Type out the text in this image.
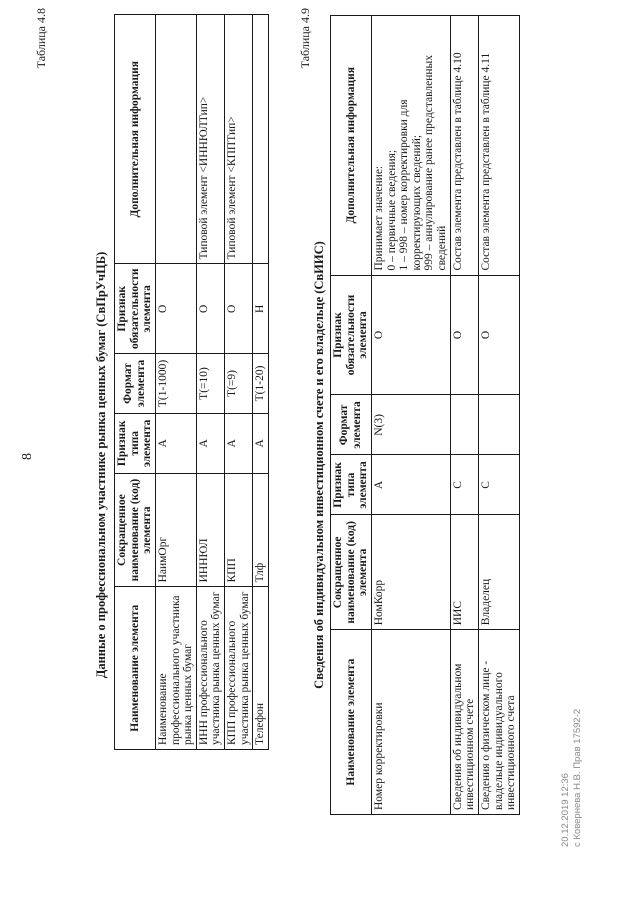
8
Таблица 4.8
Данные о профессиональном участнике рынка ценных бумаг (СвПрУчЦБ) Наименование элемента	Сокращенное наименование (код) элемента	Признак типа элемента	Формат элемента	Признак обязательности элемента	Дополнительная информация
Наименование профессионального участника рынка ценных бумаг	НаимОрг	А	T(1-1000)	О	
ИНН профессионального участника рынка ценных бумаг	ИННЮЛ	А	T(=10)	О	Типовой элемент <ИННЮЛТип>
КПП профессионального участника рынка ценных бумаг	КПП	А	T(=9)	О	Типовой элемент <КППТип>
Телефон	Тлф	А	T(1-20)	Н	
Таблица 4.9
Сведения об индивидуальном инвестиционном счете и его владельце (СвИИС)
Наименование элемента	Сокращенное наименование (код) элемента	Признак типа элемента	Формат элемента	Признак обязательности элемента	Дополнительная информация
Номер корректировки	НомКорр	А	N(3)	О	Принимает значение:
0 – первичные сведения;
1 – 998 – номер корректировки для корректирующих сведений;
999 – аннулирование ранее представленных сведений
Сведения об индивидуальном инвестиционном счете	ИИС	С		О	Состав элемента представлен в таблице 4.10
Сведения о физическом лице - владельце индивидуального инвестиционного счета	Владелец	С		О	Состав элемента представлен в таблице 4.11
20.12.2019 12:36 с Ковернева Н.В. Прав 17592-2
